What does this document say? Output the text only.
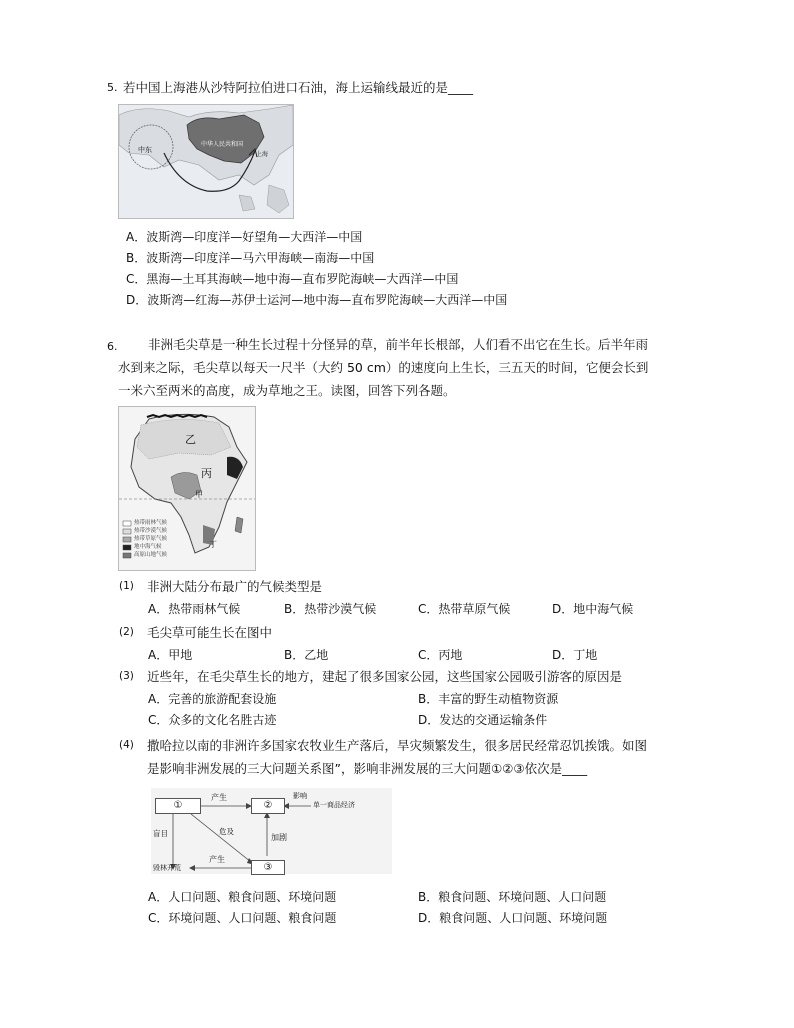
5. 若中国上海港从沙特阿拉伯进口石油，海上运输线最近的是____
中东
中华人民共和国
上海
A．波斯湾—印度洋—好望角—大西洋—中国
B．波斯湾—印度洋—马六甲海峡—南海—中国
C．黑海—土耳其海峡—地中海—直布罗陀海峡—大西洋—中国
D．波斯湾—红海—苏伊士运河—地中海—直布罗陀海峡—大西洋—中国
6. 非洲毛尖草是一种生长过程十分怪异的草，前半年长根部，人们看不出它在生长。后半年雨
水到来之际，毛尖草以每天一尺半（大约 50 cm）的速度向上生长，三五天的时间，它便会长到
一米六至两米的高度，成为草地之王。读图，回答下列各题。
乙
丙
甲
丁
热带雨林气候
热带沙漠气候
热带草原气候
地中海气候
高原山地气候
(1) 非洲大陆分布最广的气候类型是
A．热带雨林气候	B．热带沙漠气候	C．热带草原气候	D．地中海气候
(2) 毛尖草可能生长在图中
A．甲地	B．乙地	C．丙地	D．丁地
(3) 近些年，在毛尖草生长的地方，建起了很多国家公园，这些国家公园吸引游客的原因是
A．完善的旅游配套设施	B．丰富的野生动植物资源
C．众多的文化名胜古迹	D．发达的交通运输条件
(4) 撒哈拉以南的非洲许多国家农牧业生产落后，旱灾频繁发生，很多居民经常忍饥挨饿。如图
是影响非洲发展的三大问题关系图”，影响非洲发展的三大问题①②③依次是____
①	②
③
产生	影响
单一商品经济
盲目	危及
加剧
毁林开荒
产生
A．人口问题、粮食问题、环境问题	B．粮食问题、环境问题、人口问题
C．环境问题、人口问题、粮食问题	D．粮食问题、人口问题、环境问题
